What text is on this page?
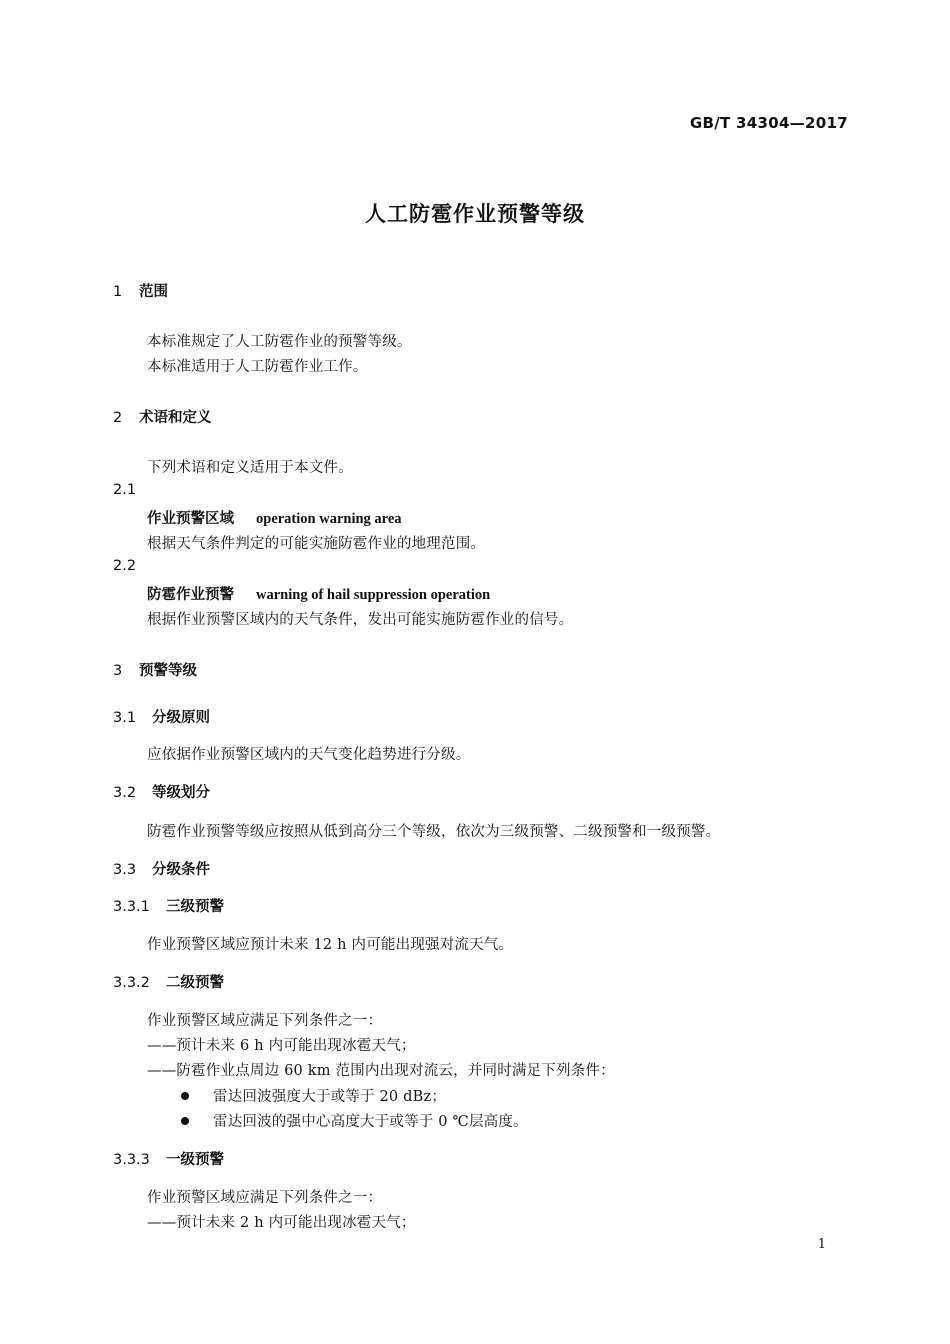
GB/T 34304—2017
人工防雹作业预警等级
1 范围
本标准规定了人工防雹作业的预警等级。
本标准适用于人工防雹作业工作。
2 术语和定义
下列术语和定义适用于本文件。
2.1
作业预警区域 operation warning area
根据天气条件判定的可能实施防雹作业的地理范围。
2.2
防雹作业预警 warning of hail suppression operation
根据作业预警区域内的天气条件，发出可能实施防雹作业的信号。
3 预警等级
3.1 分级原则
应依据作业预警区域内的天气变化趋势进行分级。
3.2 等级划分
防雹作业预警等级应按照从低到高分三个等级，依次为三级预警、二级预警和一级预警。
3.3 分级条件
3.3.1 三级预警
作业预警区域应预计未来 12 h 内可能出现强对流天气。
3.3.2 二级预警
作业预警区域应满足下列条件之一：
——预计未来 6 h 内可能出现冰雹天气；
——防雹作业点周边 60 km 范围内出现对流云，并同时满足下列条件：
雷达回波强度大于或等于 20 dBz；
雷达回波的强中心高度大于或等于 0 ℃层高度。
3.3.3 一级预警
作业预警区域应满足下列条件之一：
——预计未来 2 h 内可能出现冰雹天气；
1
